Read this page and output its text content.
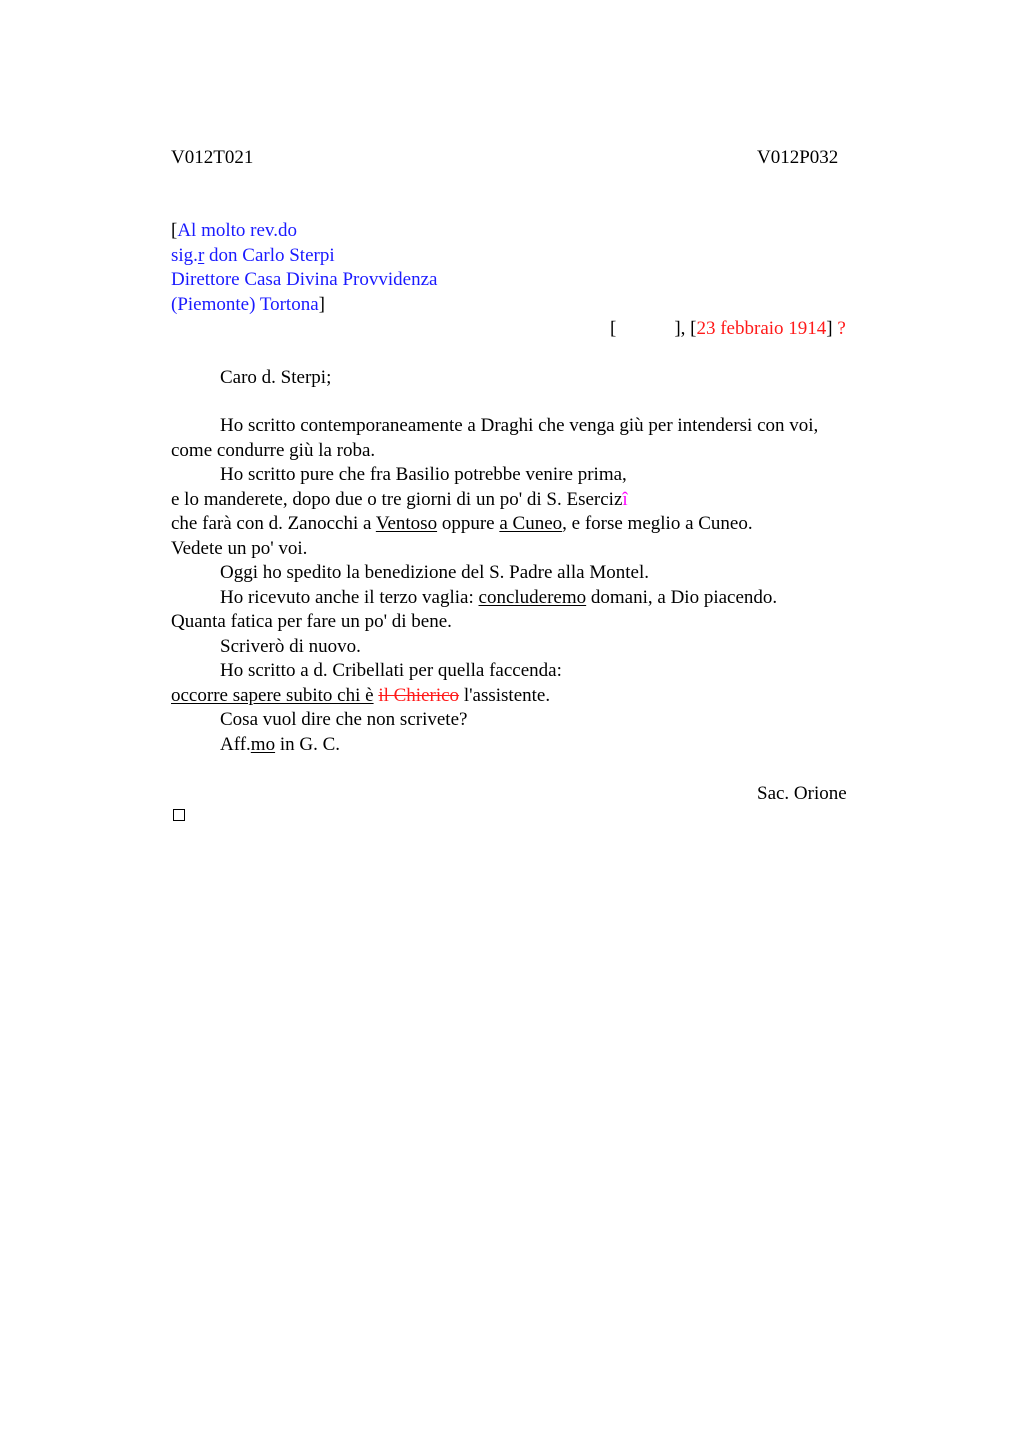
V012T021	V012P032
[Al molto rev.do
sig.r don Carlo Sterpi
Direttore Casa Divina Provvidenza
(Piemonte) Tortona]
[	], [23 febbraio 1914] ?
Caro d. Sterpi;
Ho scritto contemporaneamente a Draghi che venga giù per intendersi con voi,
come condurre giù la roba.
Ho scritto pure che fra Basilio potrebbe venire prima,
e lo manderete, dopo due o tre giorni di un po' di S. Esercizî
che farà con d. Zanocchi a Ventoso oppure a Cuneo, e forse meglio a Cuneo.
Vedete un po' voi.
Oggi ho spedito la benedizione del S. Padre alla Montel.
Ho ricevuto anche il terzo vaglia: concluderemo domani, a Dio piacendo.
Quanta fatica per fare un po' di bene.
Scriverò di nuovo.
Ho scritto a d. Cribellati per quella faccenda:
occorre sapere subito chi è il Chierico l'assistente.
Cosa vuol dire che non scrivete?
Aff.mo in G. C.
Sac. Orione
